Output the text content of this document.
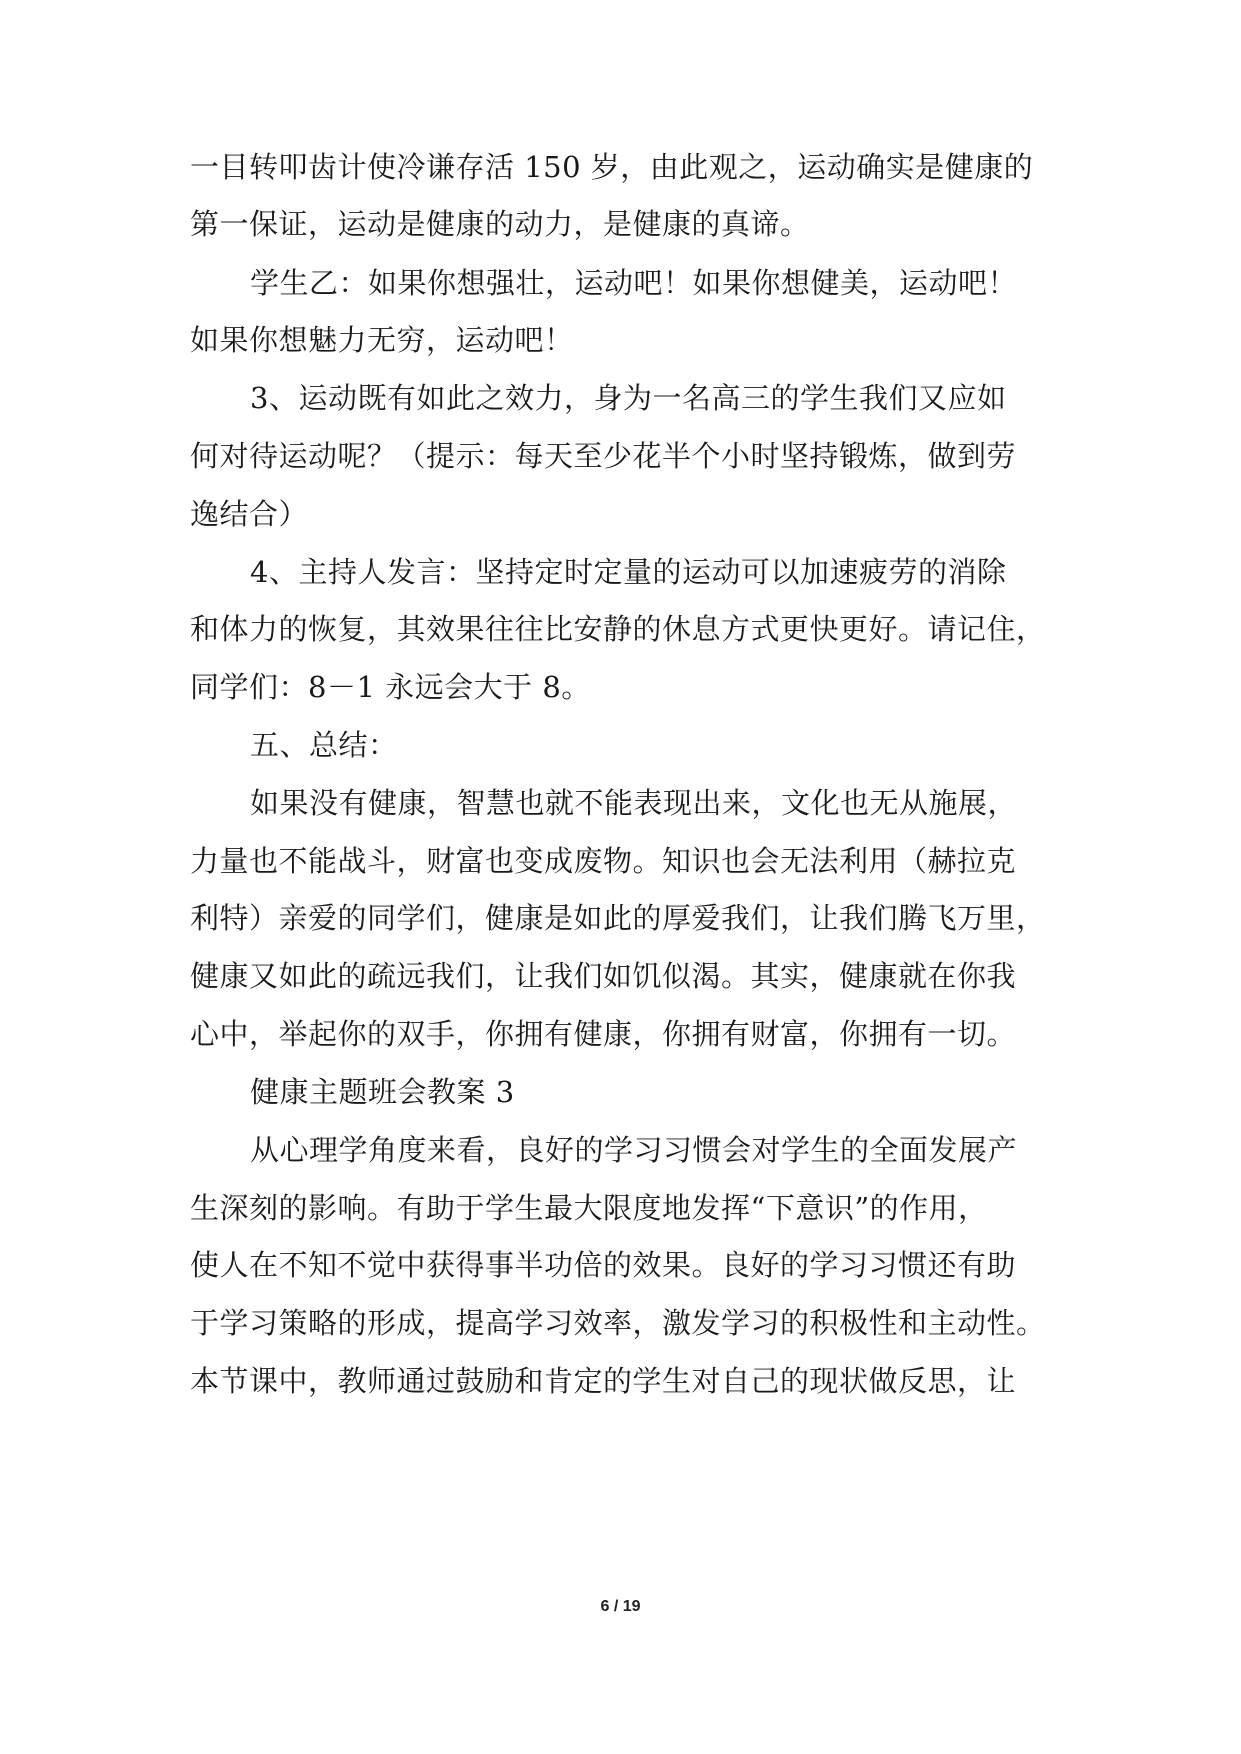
一目转叩齿计使冷谦存活 150 岁，由此观之，运动确实是健康的
第一保证，运动是健康的动力，是健康的真谛。
学生乙：如果你想强壮，运动吧！如果你想健美，运动吧！
如果你想魅力无穷，运动吧！
3、运动既有如此之效力，身为一名高三的学生我们又应如
何对待运动呢？（提示：每天至少花半个小时坚持锻炼，做到劳
逸结合）
4、主持人发言：坚持定时定量的运动可以加速疲劳的消除
和体力的恢复，其效果往往比安静的休息方式更快更好。请记住，
同学们：8－1 永远会大于 8。
五、总结：
如果没有健康，智慧也就不能表现出来，文化也无从施展，
力量也不能战斗，财富也变成废物。知识也会无法利用（赫拉克
利特）亲爱的同学们，健康是如此的厚爱我们，让我们腾飞万里，
健康又如此的疏远我们，让我们如饥似渴。其实，健康就在你我
心中，举起你的双手，你拥有健康，你拥有财富，你拥有一切。
健康主题班会教案 3
从心理学角度来看，良好的学习习惯会对学生的全面发展产
生深刻的影响。有助于学生最大限度地发挥“下意识”的作用，
使人在不知不觉中获得事半功倍的效果。良好的学习习惯还有助
于学习策略的形成，提高学习效率，激发学习的积极性和主动性。
本节课中，教师通过鼓励和肯定的学生对自己的现状做反思，让
6 / 19
